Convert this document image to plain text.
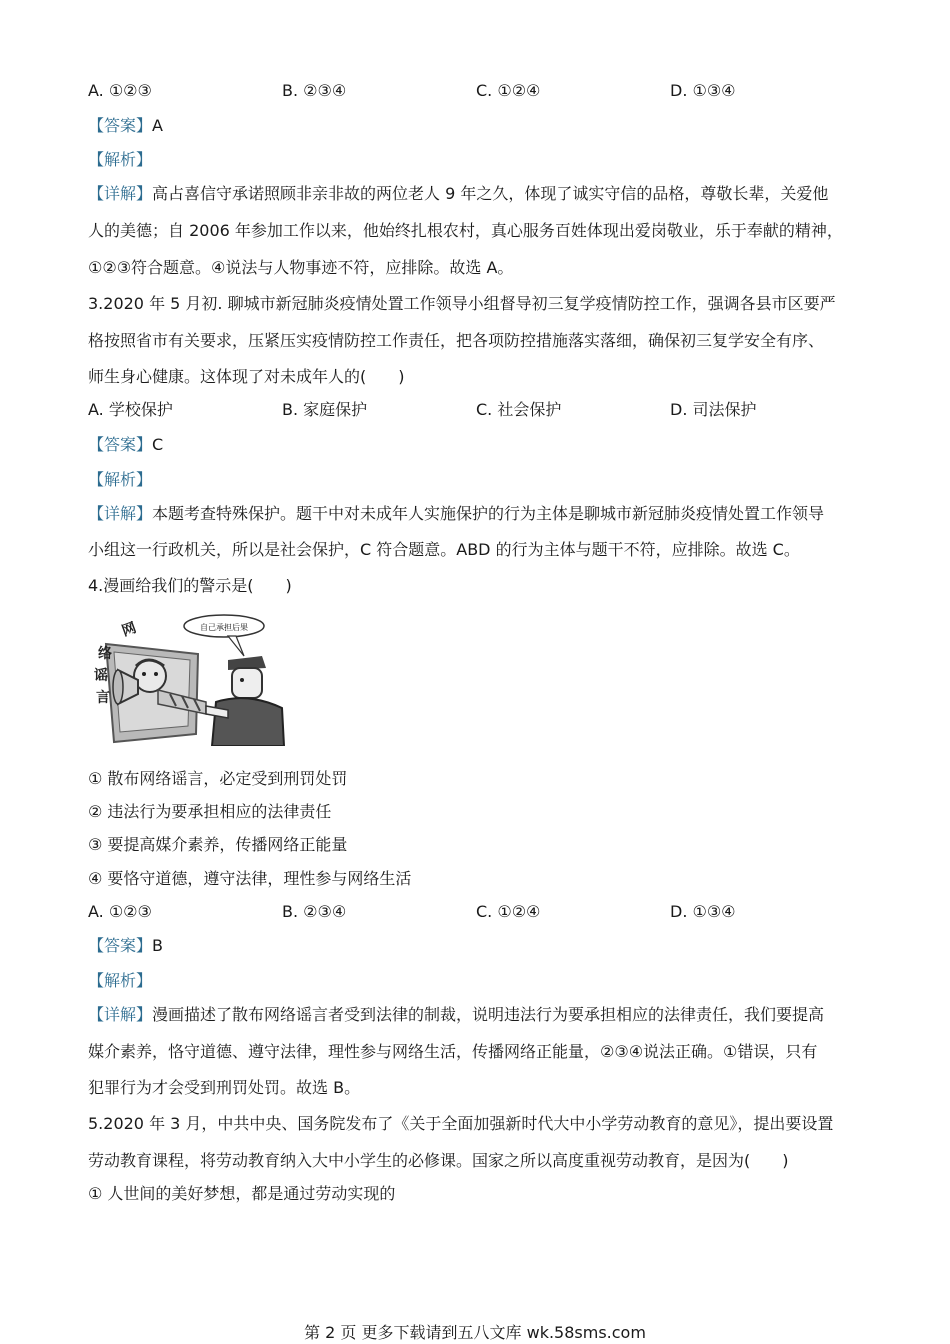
A. ①②③	B. ②③④	C. ①②④	D. ①③④
【答案】A
【解析】
【详解】高占喜信守承诺照顾非亲非故的两位老人 9 年之久，体现了诚实守信的品格，尊敬长辈，关爱他
人的美德；自 2006 年参加工作以来，他始终扎根农村，真心服务百姓体现出爱岗敬业，乐于奉献的精神，
①②③符合题意。④说法与人物事迹不符，应排除。故选 A。
3.2020 年 5 月初. 聊城市新冠肺炎疫情处置工作领导小组督导初三复学疫情防控工作，强调各县市区要严
格按照省市有关要求，压紧压实疫情防控工作责任，把各项防控措施落实落细，确保初三复学安全有序、
师生身心健康。这体现了对未成年人的(　　)
A. 学校保护	B. 家庭保护	C. 社会保护	D. 司法保护
【答案】C
【解析】
【详解】本题考查特殊保护。题干中对未成年人实施保护的行为主体是聊城市新冠肺炎疫情处置工作领导
小组这一行政机关，所以是社会保护，C 符合题意。ABD 的行为主体与题干不符，应排除。故选 C。
4.漫画给我们的警示是(　　)
自己承担后果
网
络
谣
言
① 散布网络谣言，必定受到刑罚处罚
② 违法行为要承担相应的法律责任
③ 要提高媒介素养，传播网络正能量
④ 要恪守道德，遵守法律，理性参与网络生活
A. ①②③	B. ②③④	C. ①②④	D. ①③④
【答案】B
【解析】
【详解】漫画描述了散布网络谣言者受到法律的制裁，说明违法行为要承担相应的法律责任，我们要提高
媒介素养，恪守道德、遵守法律，理性参与网络生活，传播网络正能量，②③④说法正确。①错误，只有
犯罪行为才会受到刑罚处罚。故选 B。
5.2020 年 3 月，中共中央、国务院发布了《关于全面加强新时代大中小学劳动教育的意见》，提出要设置
劳动教育课程，将劳动教育纳入大中小学生的必修课。国家之所以高度重视劳动教育，是因为(　　)
① 人世间的美好梦想，都是通过劳动实现的
第 2 页 更多下载请到五八文库 wk.58sms.com
